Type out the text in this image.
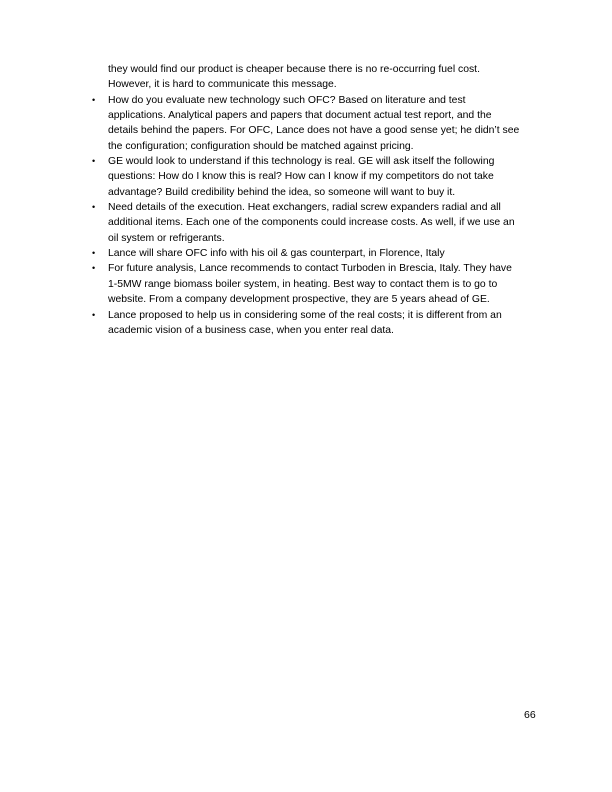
they would find our product is cheaper because there is no re-occurring fuel cost.
However, it is hard to communicate this message.
•	How do you evaluate new technology such OFC? Based on literature and test
applications. Analytical papers and papers that document actual test report, and the
details behind the papers. For OFC, Lance does not have a good sense yet; he didn’t see
the configuration; configuration should be matched against pricing.
•	GE would look to understand if this technology is real. GE will ask itself the following
questions: How do I know this is real? How can I know if my competitors do not take
advantage? Build credibility behind the idea, so someone will want to buy it.
•	Need details of the execution. Heat exchangers, radial screw expanders radial and all
additional items. Each one of the components could increase costs. As well, if we use an
oil system or refrigerants.
•	Lance will share OFC info with his oil & gas counterpart, in Florence, Italy
•	For future analysis, Lance recommends to contact Turboden in Brescia, Italy. They have
1-5MW range biomass boiler system, in heating. Best way to contact them is to go to
website. From a company development prospective, they are 5 years ahead of GE.
•	Lance proposed to help us in considering some of the real costs; it is different from an
academic vision of a business case, when you enter real data.
66
